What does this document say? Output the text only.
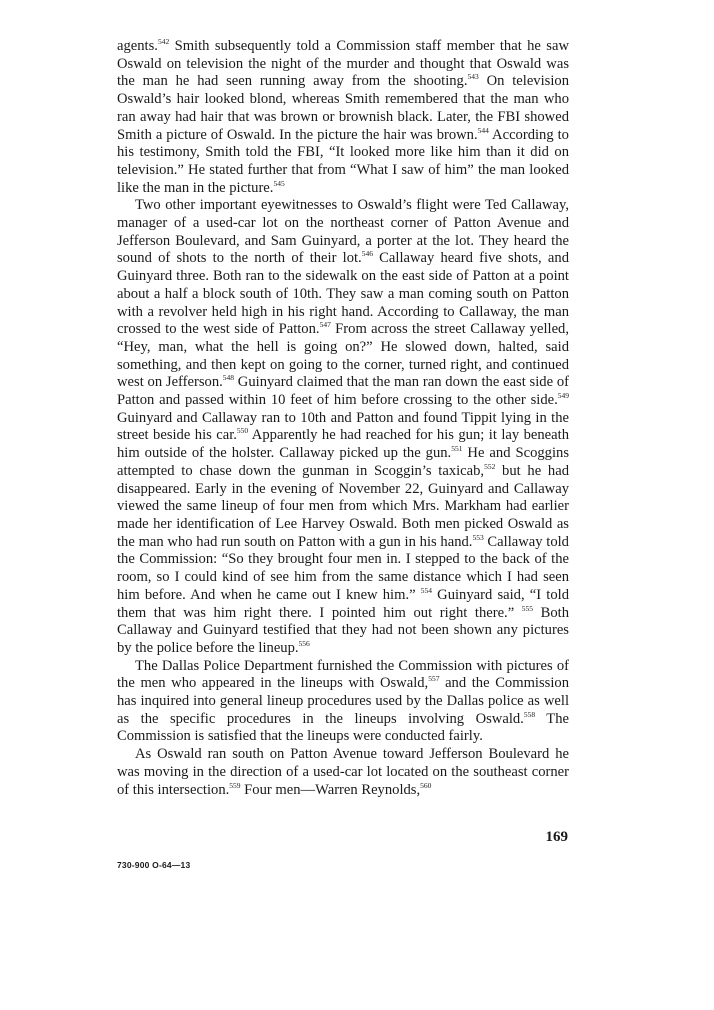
agents.$^{542}$ Smith subsequently told a Commission staff member that he saw Oswald on television the night of the murder and thought that Oswald was the man he had seen running away from the shooting.$^{543}$ On television Oswald’s hair looked blond, whereas Smith remembered that the man who ran away had hair that was brown or brownish black. Later, the FBI showed Smith a picture of Oswald. In the picture the hair was brown.$^{544}$ According to his testimony, Smith told the FBI, “It looked more like him than it did on television.” He stated further that from “What I saw of him” the man looked like the man in the picture.$^{545}$

Two other important eyewitnesses to Oswald’s flight were Ted Callaway, manager of a used-car lot on the northeast corner of Patton Avenue and Jefferson Boulevard, and Sam Guinyard, a porter at the lot. They heard the sound of shots to the north of their lot.$^{546}$ Callaway heard five shots, and Guinyard three. Both ran to the sidewalk on the east side of Patton at a point about a half a block south of 10th. They saw a man coming south on Patton with a revolver held high in his right hand. According to Callaway, the man crossed to the west side of Patton.$^{547}$ From across the street Callaway yelled, “Hey, man, what the hell is going on?” He slowed down, halted, said something, and then kept on going to the corner, turned right, and continued west on Jefferson.$^{548}$ Guinyard claimed that the man ran down the east side of Patton and passed within 10 feet of him before crossing to the other side.$^{549}$ Guinyard and Callaway ran to 10th and Patton and found Tippit lying in the street beside his car.$^{550}$ Apparently he had reached for his gun; it lay beneath him outside of the holster. Callaway picked up the gun.$^{551}$ He and Scoggins attempted to chase down the gunman in Scoggin’s taxicab,$^{552}$ but he had disappeared. Early in the evening of November 22, Guinyard and Callaway viewed the same lineup of four men from which Mrs. Markham had earlier made her identification of Lee Harvey Oswald. Both men picked Oswald as the man who had run south on Patton with a gun in his hand.$^{553}$ Callaway told the Commission: “So they brought four men in. I stepped to the back of the room, so I could kind of see him from the same distance which I had seen him before. And when he came out I knew him.” $^{554}$ Guinyard said, “I told them that was him right there. I pointed him out right there.” $^{555}$ Both Callaway and Guinyard testified that they had not been shown any pictures by the police before the lineup.$^{556}$

The Dallas Police Department furnished the Commission with pictures of the men who appeared in the lineups with Oswald,$^{557}$ and the Commission has inquired into general lineup procedures used by the Dallas police as well as the specific procedures in the lineups involving Oswald.$^{558}$ The Commission is satisfied that the lineups were conducted fairly.

As Oswald ran south on Patton Avenue toward Jefferson Boulevard he was moving in the direction of a used-car lot located on the southeast corner of this intersection.$^{559}$ Four men—Warren Reynolds,$^{560}$

169
730-900 O-64—13
